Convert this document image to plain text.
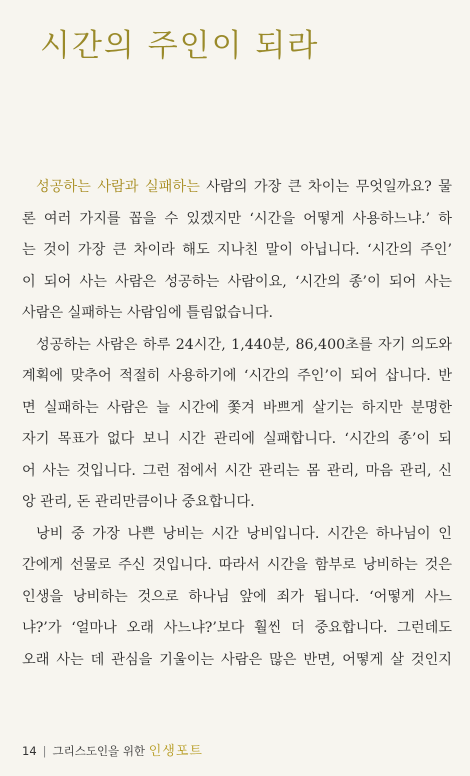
시간의 주인이 되라
성공하는 사람과 실패하는 사람의 가장 큰 차이는 무엇일까요? 물
론 여러 가지를 꼽을 수 있겠지만 ‘시간을 어떻게 사용하느냐.’ 하
는 것이 가장 큰 차이라 해도 지나친 말이 아닙니다. ‘시간의 주인’
이 되어 사는 사람은 성공하는 사람이요, ‘시간의 종’이 되어 사는
사람은 실패하는 사람임에 틀림없습니다.
성공하는 사람은 하루 24시간, 1,440분, 86,400초를 자기 의도와
계획에 맞추어 적절히 사용하기에 ‘시간의 주인’이 되어 삽니다. 반
면 실패하는 사람은 늘 시간에 쫓겨 바쁘게 살기는 하지만 분명한
자기 목표가 없다 보니 시간 관리에 실패합니다. ‘시간의 종’이 되
어 사는 것입니다. 그런 점에서 시간 관리는 몸 관리, 마음 관리, 신
앙 관리, 돈 관리만큼이나 중요합니다.
낭비 중 가장 나쁜 낭비는 시간 낭비입니다. 시간은 하나님이 인
간에게 선물로 주신 것입니다. 따라서 시간을 함부로 낭비하는 것은
인생을 낭비하는 것으로 하나님 앞에 죄가 됩니다. ‘어떻게 사느
냐?’가 ‘얼마나 오래 사느냐?’보다 훨씬 더 중요합니다. 그런데도
오래 사는 데 관심을 기울이는 사람은 많은 반면, 어떻게 살 것인지
14 | 그리스도인을 위한 인생포트
